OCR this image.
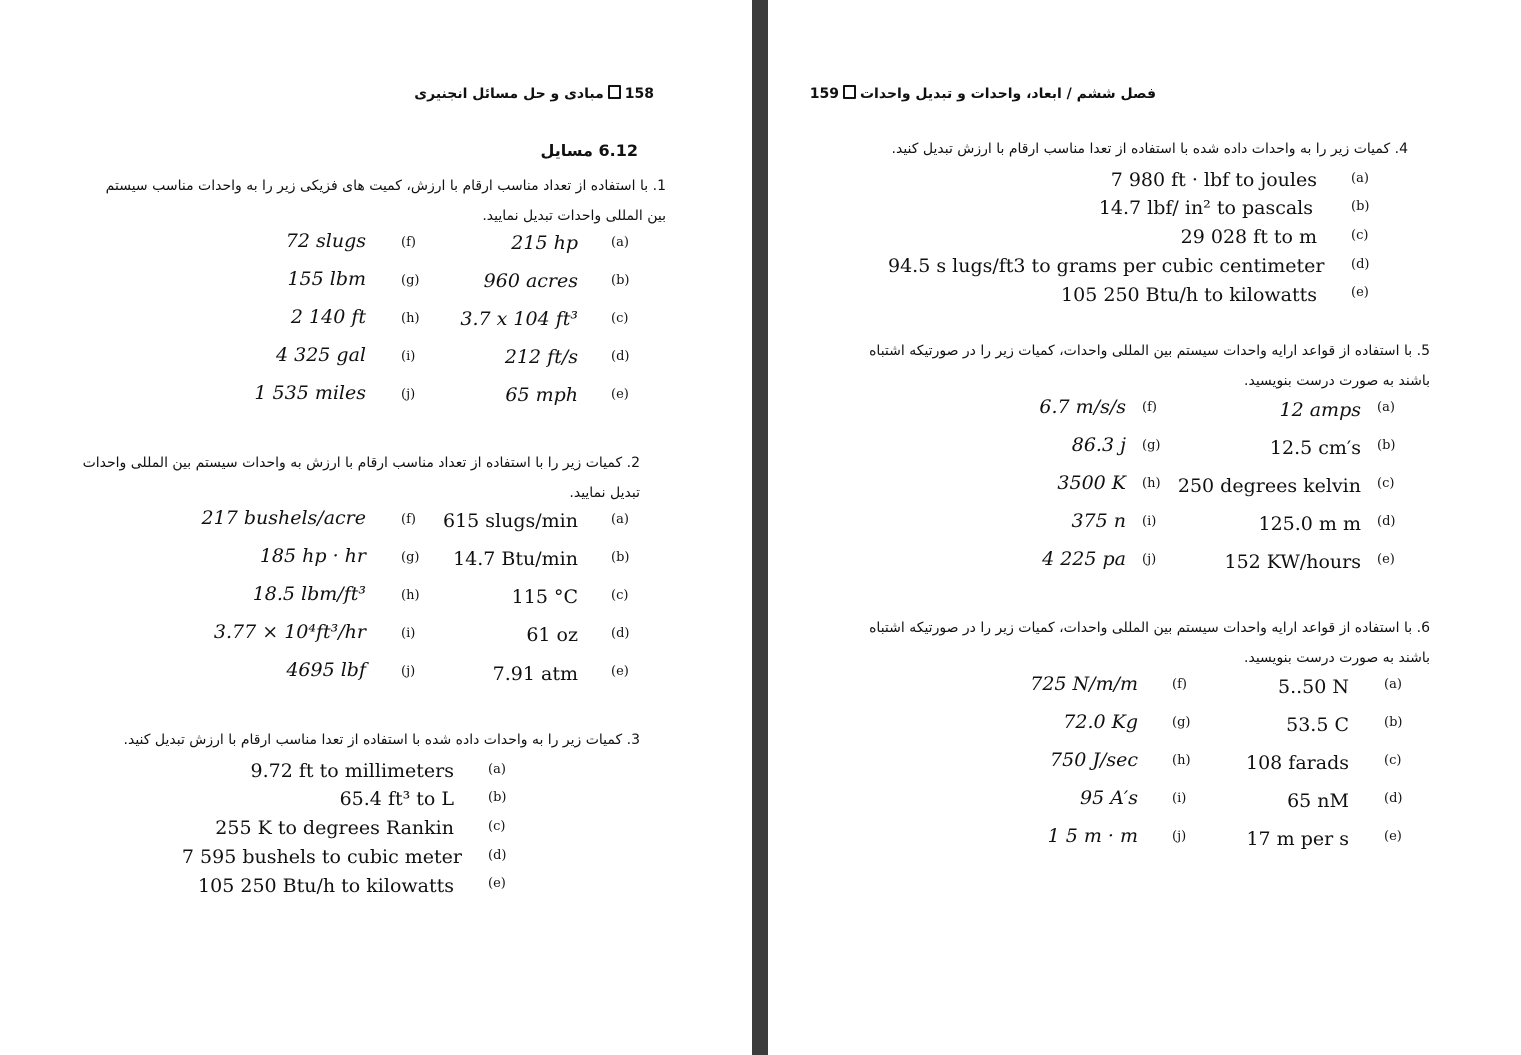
158مبادی و حل مسائل انجنیری
6.12 مسایل
1. با استفاده از تعداد مناسب ارقام با ارزش، کمیت های فزیکی زیر را به واحدات مناسب سیستم
بین المللی واحدات تبدیل نمایید.
(a)
215 hp
(b)
960 acres
(c)
3.7 x 104 ft³
(d)
212 ft/s
(e)
65 mph
(f)
72 slugs
(g)
155 lbm
(h)
2 140 ft
(i)
4 325 gal
(j)
1 535 miles
2. کمیات زیر را با استفاده از تعداد مناسب ارقام با ارزش به واحدات سیستم بین المللی واحدات
تبدیل نمایید.
(a)
615 slugs/min
(b)
14.7 Btu/min
(c)
115 °C
(d)
61 oz
(e)
7.91 atm
(f)
217 bushels/acre
(g)
185 hp · hr
(h)
18.5 lbm/ft³
(i)
3.77 × 10⁴ft³/hr
(j)
4695 lbf
3. کمیات زیر را به واحدات داده شده با استفاده از تعدا مناسب ارقام با ارزش تبدیل کنید.
(a)
9.72 ft to millimeters
(b)
65.4 ft³ to L
(c)
255 K to degrees Rankin
(d)
7 595 bushels to cubic meter
(e)
105 250 Btu/h to kilowatts
فصل ششم / ابعاد، واحدات و تبدیل واحدات159
4. کمیات زیر را به واحدات داده شده با استفاده از تعدا مناسب ارقام با ارزش تبدیل کنید.
(a)
7 980 ft · lbf to joules
(b)
14.7 lbf/ in² to pascals
(c)
29 028 ft to m
(d)
94.5 s lugs/ft3 to grams per cubic centimeter
(e)
105 250 Btu/h to kilowatts
5. با استفاده از قواعد ارایه واحدات سیستم بین المللی واحدات، کمیات زیر را در صورتیکه اشتباه
باشند به صورت درست بنویسید.
(a)
12 amps
(b)
12.5 cm′s
(c)
250 degrees kelvin
(d)
125.0 m m
(e)
152 KW/hours
(f)
6.7 m/s/s
(g)
86.3 j
(h)
3500 K
(i)
375 n
(j)
4 225 pa
6. با استفاده از قواعد ارایه واحدات سیستم بین المللی واحدات، کمیات زیر را در صورتیکه اشتباه
باشند به صورت درست بنویسید.
(a)
5..50 N
(b)
53.5 C
(c)
108 farads
(d)
65 nM
(e)
17 m per s
(f)
725 N/m/m
(g)
72.0 Kg
(h)
750 J/sec
(i)
95 A′s
(j)
1 5 m · m
